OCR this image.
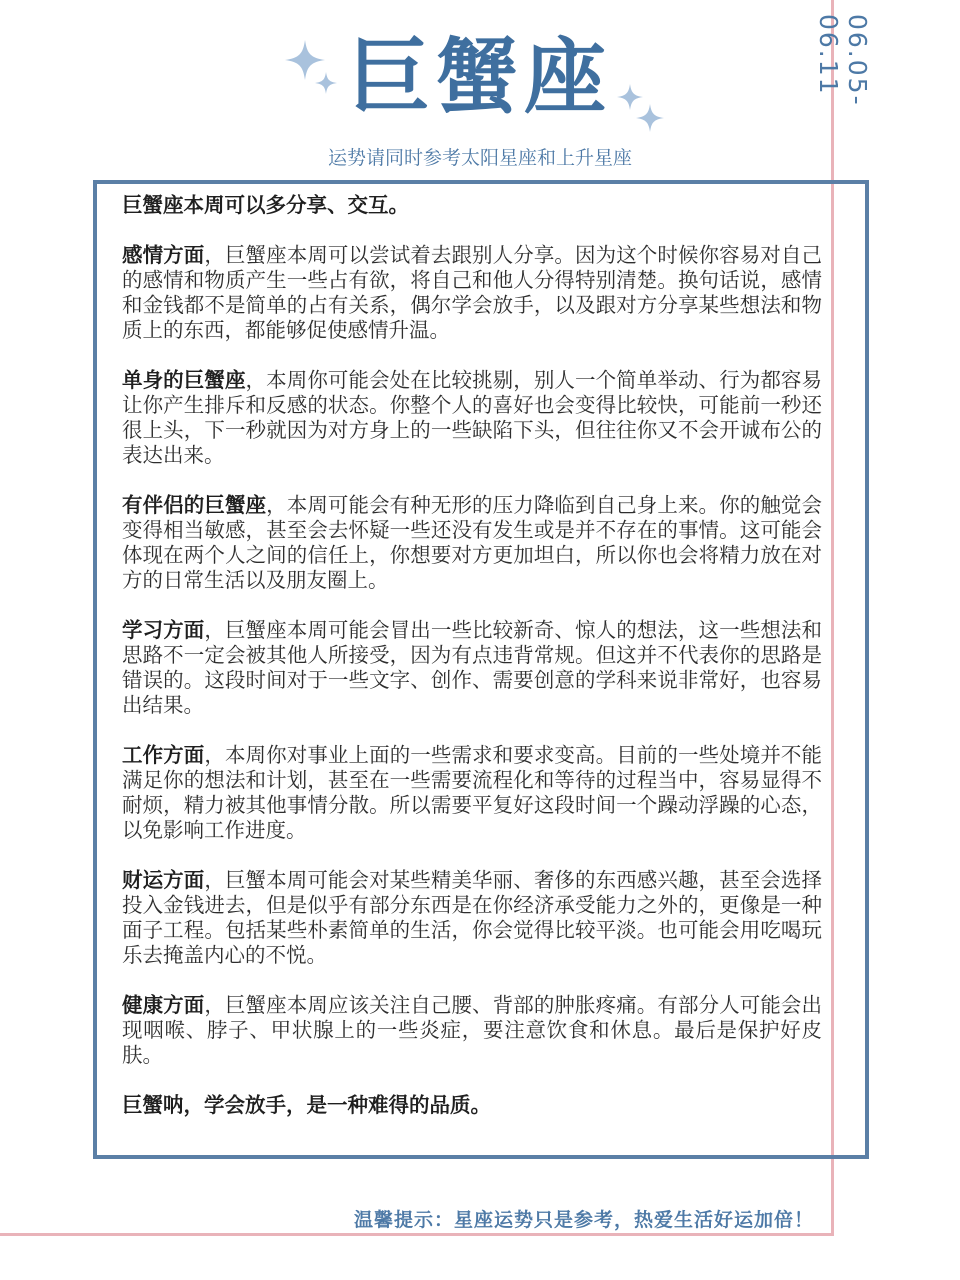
06.05-06.11
巨蟹座
运势请同时参考太阳星座和上升星座

巨蟹座本周可以多分享、交互。

感情方面，巨蟹座本周可以尝试着去跟别人分享。因为这个时候你容易对自己的感情和物质产生一些占有欲，将自己和他人分得特别清楚。换句话说，感情和金钱都不是简单的占有关系，偶尔学会放手，以及跟对方分享某些想法和物质上的东西，都能够促使感情升温。

单身的巨蟹座，本周你可能会处在比较挑剔，别人一个简单举动、行为都容易让你产生排斥和反感的状态。你整个人的喜好也会变得比较快，可能前一秒还很上头，下一秒就因为对方身上的一些缺陷下头，但往往你又不会开诚布公的表达出来。

有伴侣的巨蟹座，本周可能会有种无形的压力降临到自己身上来。你的触觉会变得相当敏感，甚至会去怀疑一些还没有发生或是并不存在的事情。这可能会体现在两个人之间的信任上，你想要对方更加坦白，所以你也会将精力放在对方的日常生活以及朋友圈上。

学习方面，巨蟹座本周可能会冒出一些比较新奇、惊人的想法，这一些想法和思路不一定会被其他人所接受，因为有点违背常规。但这并不代表你的思路是错误的。这段时间对于一些文字、创作、需要创意的学科来说非常好，也容易出结果。

工作方面，本周你对事业上面的一些需求和要求变高。目前的一些处境并不能满足你的想法和计划，甚至在一些需要流程化和等待的过程当中，容易显得不耐烦，精力被其他事情分散。所以需要平复好这段时间一个躁动浮躁的心态，以免影响工作进度。

财运方面，巨蟹本周可能会对某些精美华丽、奢侈的东西感兴趣，甚至会选择投入金钱进去，但是似乎有部分东西是在你经济承受能力之外的，更像是一种面子工程。包括某些朴素简单的生活，你会觉得比较平淡。也可能会用吃喝玩乐去掩盖内心的不悦。

健康方面，巨蟹座本周应该关注自己腰、背部的肿胀疼痛。有部分人可能会出现咽喉、脖子、甲状腺上的一些炎症，要注意饮食和休息。最后是保护好皮肤。

巨蟹呐，学会放手，是一种难得的品质。

温馨提示：星座运势只是参考，热爱生活好运加倍！
